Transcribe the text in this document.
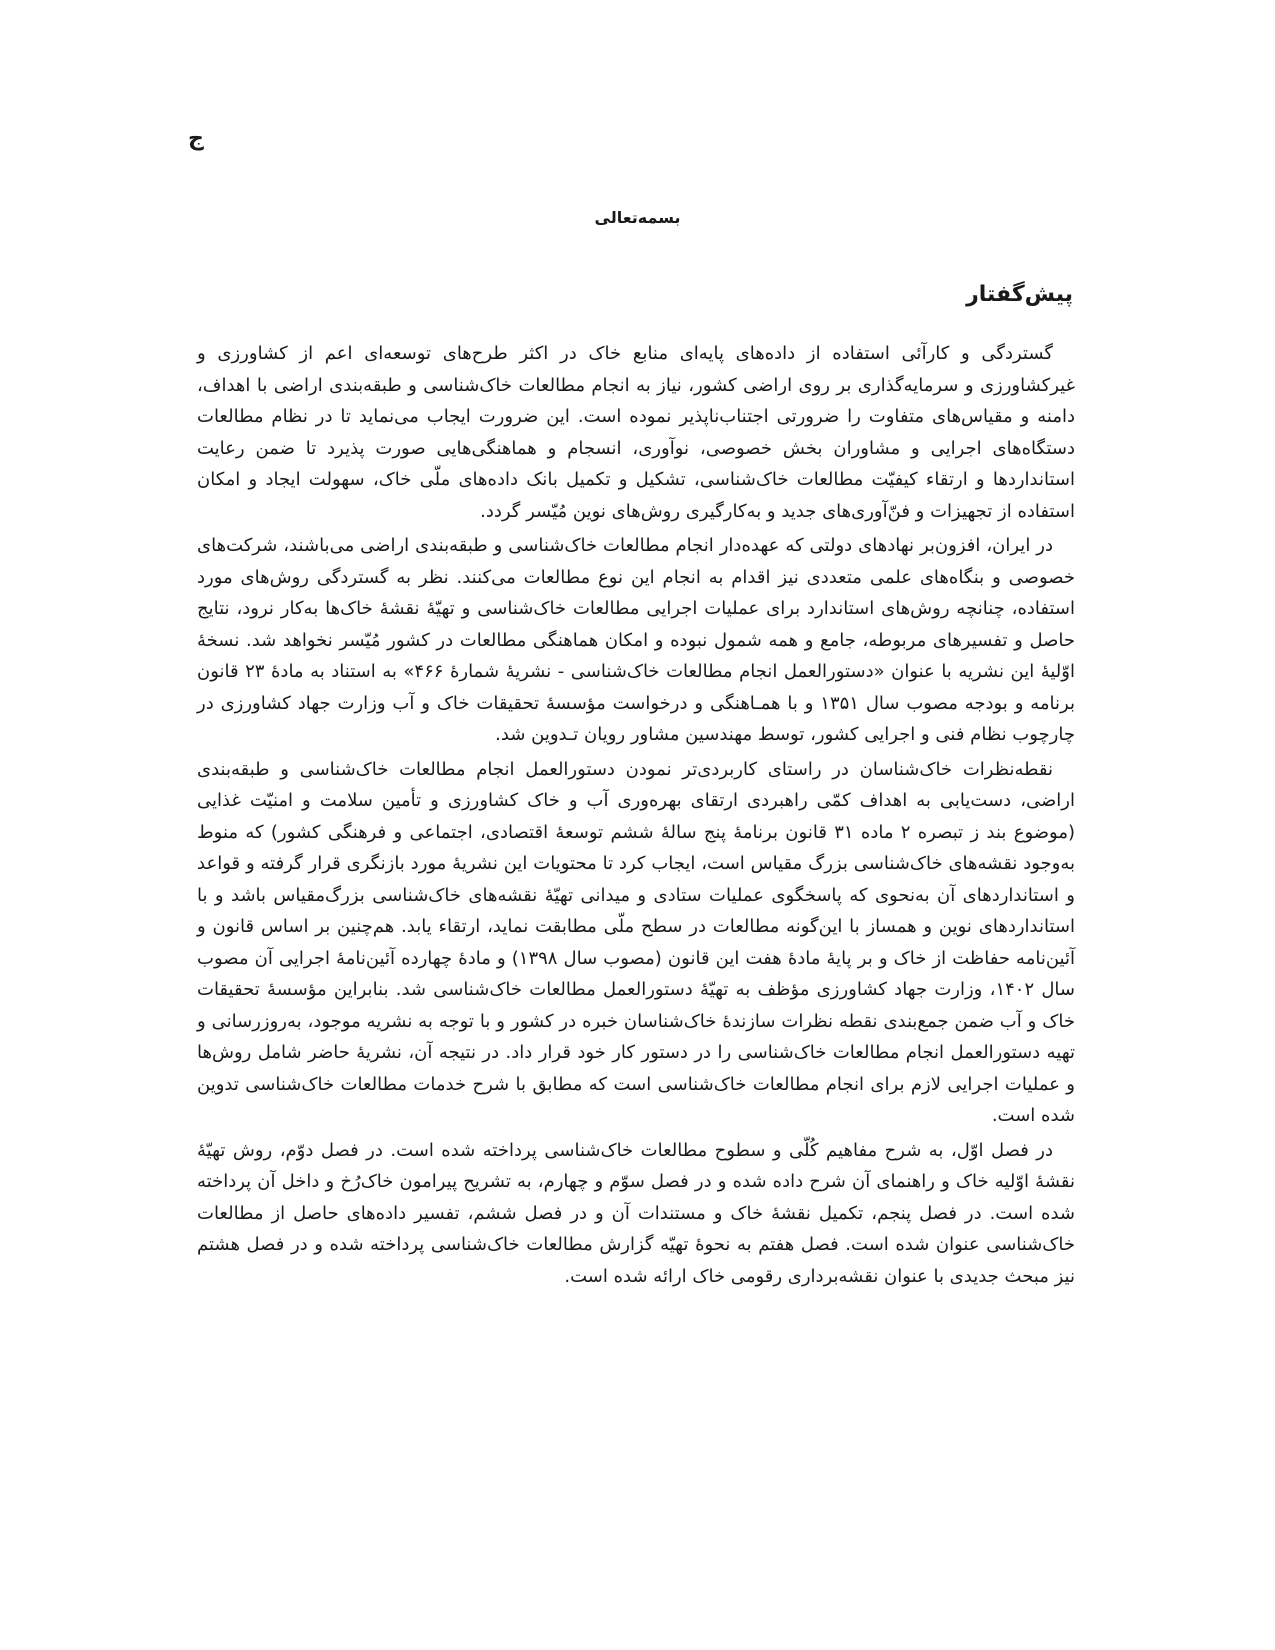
ج
بسمه‌تعالی
پیش‌گفتار

گستردگی و کارآئی استفاده از داده‌های پایه‌ای منابع خاک در اکثر طرح‌های توسعه‌ای اعم از کشاورزی و غیرکشاورزی و سرمایه‌گذاری بر روی اراضی کشور، نیاز به انجام مطالعات خاک‌شناسی و طبقه‌بندی اراضی با اهداف، دامنه و مقیاس‌های متفاوت را ضرورتی اجتناب‌ناپذیر نموده است. این ضرورت ایجاب می‌نماید تا در نظام مطالعات دستگاه‌های اجرایی و مشاوران بخش خصوصی، نوآوری، انسجام و هماهنگی‌هایی صورت پذیرد تا ضمن رعایت استانداردها و ارتقاء کیفیّت مطالعات خاک‌شناسی، تشکیل و تکمیل بانک داده‌های ملّی خاک، سهولت ایجاد و امکان استفاده از تجهیزات و فنّ‌آوری‌های جدید و به‌کارگیری روش‌های نوین مُیّسر گردد.

در ایران، افزون‌بر نهادهای دولتی که عهده‌دار انجام مطالعات خاک‌شناسی و طبقه‌بندی اراضی می‌باشند، شرکت‌های خصوصی و بنگاه‌های علمی متعددی نیز اقدام به انجام این نوع مطالعات می‌کنند. نظر به گستردگی روش‌های مورد استفاده، چنانچه روش‌های استاندارد برای عملیات اجرایی مطالعات خاک‌شناسی و تهیّهٔ نقشهٔ خاک‌ها به‌کار نرود، نتایج حاصل و تفسیرهای مربوطه، جامع و همه شمول نبوده و امکان هماهنگی مطالعات در کشور مُیّسر نخواهد شد. نسخهٔ اوّلیهٔ این نشریه با عنوان «دستورالعمل انجام مطالعات خاک‌شناسی - نشریهٔ شمارهٔ ۴۶۶» به استناد به مادهٔ ۲۳ قانون برنامه و بودجه مصوب سال ۱۳۵۱ و با همـاهنگی و درخواست مؤسسهٔ تحقیقات خاک و آب وزارت جهاد کشاورزی در چارچوب نظام فنی و اجرایی کشور، توسط مهندسین مشاور رویان تـدوین شد.

نقطه‌نظرات خاک‌شناسان در راستای کاربردی‌تر نمودن دستورالعمل انجام مطالعات خاک‌شناسی و طبقه‌بندی اراضی، دست‌یابی به اهداف کمّی راهبردی ارتقای بهره‌وری آب و خاک کشاورزی و تأمین سلامت و امنیّت غذایی (موضوع بند ز تبصره ۲ ماده ۳۱ قانون برنامهٔ پنج سالهٔ ششم توسعهٔ اقتصادی، اجتماعی و فرهنگی کشور) که منوط به‌وجود نقشه‌های خاک‌شناسی بزرگ مقیاس است، ایجاب کرد تا محتویات این نشریهٔ مورد بازنگری قرار گرفته و قواعد و استانداردهای آن به‌نحوی که پاسخگوی عملیات ستادی و میدانی تهیّهٔ نقشه‌های خاک‌شناسی بزرگ‌مقیاس باشد و با استانداردهای نوین و همساز با این‌گونه مطالعات در سطح ملّی مطابقت نماید، ارتقاء یابد. هم‌چنین بر اساس قانون و آئین‌نامه حفاظت از خاک و بر پایهٔ مادهٔ هفت این قانون (مصوب سال ۱۳۹۸) و مادهٔ چهارده آئین‌نامهٔ اجرایی آن مصوب سال ۱۴۰۲، وزارت جهاد کشاورزی مؤظف به تهیّهٔ دستورالعمل مطالعات خاک‌شناسی شد. بنابراین مؤسسهٔ تحقیقات خاک و آب ضمن جمع‌بندی نقطه نظرات سازندهٔ خاک‌شناسان خبره در کشور و با توجه به نشریه موجود، به‌روزرسانی و تهیه دستورالعمل انجام مطالعات خاک‌شناسی را در دستور کار خود قرار داد. در نتیجه آن، نشریهٔ حاضر شامل روش‌ها و عملیات اجرایی لازم برای انجام مطالعات خاک‌شناسی است که مطابق با شرح خدمات مطالعات خاک‌شناسی تدوین شده است.

در فصل اوّل، به شرح مفاهیم کُلّی و سطوح مطالعات خاک‌شناسی پرداخته شده است. در فصل دوّم، روش تهیّهٔ نقشهٔ اوّلیه خاک و راهنمای آن شرح داده شده و در فصل سوّم و چهارم، به تشریح پیرامون خاک‌رُخ و داخل آن پرداخته شده است. در فصل پنجم، تکمیل نقشهٔ خاک و مستندات آن و در فصل ششم، تفسیر داده‌های حاصل از مطالعات خاک‌شناسی عنوان شده است. فصل هفتم به نحوهٔ تهیّه گزارش مطالعات خاک‌شناسی پرداخته شده و در فصل هشتم نیز مبحث جدیدی با عنوان نقشه‌برداری رقومی خاک ارائه شده است.
